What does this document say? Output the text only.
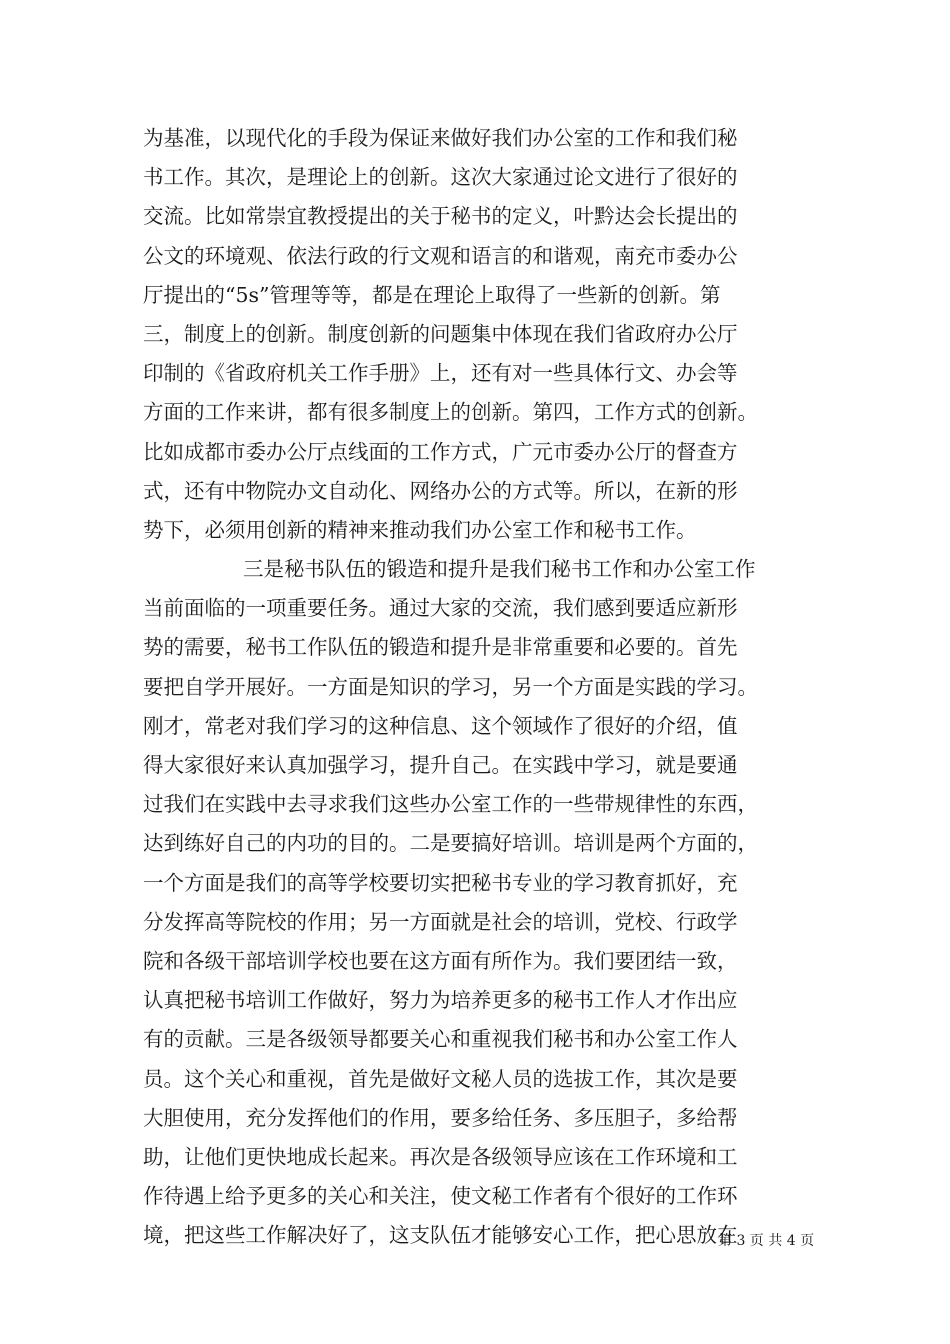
为基准，以现代化的手段为保证来做好我们办公室的工作和我们秘
书工作。其次，是理论上的创新。这次大家通过论文进行了很好的
交流。比如常崇宜教授提出的关于秘书的定义，叶黔达会长提出的
公文的环境观、依法行政的行文观和语言的和谐观，南充市委办公
厅提出的“5s”管理等等，都是在理论上取得了一些新的创新。第
三，制度上的创新。制度创新的问题集中体现在我们省政府办公厅
印制的《省政府机关工作手册》上，还有对一些具体行文、办会等
方面的工作来讲，都有很多制度上的创新。第四，工作方式的创新。
比如成都市委办公厅点线面的工作方式，广元市委办公厅的督查方
式，还有中物院办文自动化、网络办公的方式等。所以，在新的形
势下，必须用创新的精神来推动我们办公室工作和秘书工作。
三是秘书队伍的锻造和提升是我们秘书工作和办公室工作
当前面临的一项重要任务。通过大家的交流，我们感到要适应新形
势的需要，秘书工作队伍的锻造和提升是非常重要和必要的。首先
要把自学开展好。一方面是知识的学习，另一个方面是实践的学习。
刚才，常老对我们学习的这种信息、这个领域作了很好的介绍，值
得大家很好来认真加强学习，提升自己。在实践中学习，就是要通
过我们在实践中去寻求我们这些办公室工作的一些带规律性的东西，
达到练好自己的内功的目的。二是要搞好培训。培训是两个方面的，
一个方面是我们的高等学校要切实把秘书专业的学习教育抓好，充
分发挥高等院校的作用；另一方面就是社会的培训，党校、行政学
院和各级干部培训学校也要在这方面有所作为。我们要团结一致，
认真把秘书培训工作做好，努力为培养更多的秘书工作人才作出应
有的贡献。三是各级领导都要关心和重视我们秘书和办公室工作人
员。这个关心和重视，首先是做好文秘人员的选拔工作，其次是要
大胆使用，充分发挥他们的作用，要多给任务、多压胆子，多给帮
助，让他们更快地成长起来。再次是各级领导应该在工作环境和工
作待遇上给予更多的关心和关注，使文秘工作者有个很好的工作环
境，把这些工作解决好了，这支队伍才能够安心工作，把心思放在
第 3 页 共 4 页
